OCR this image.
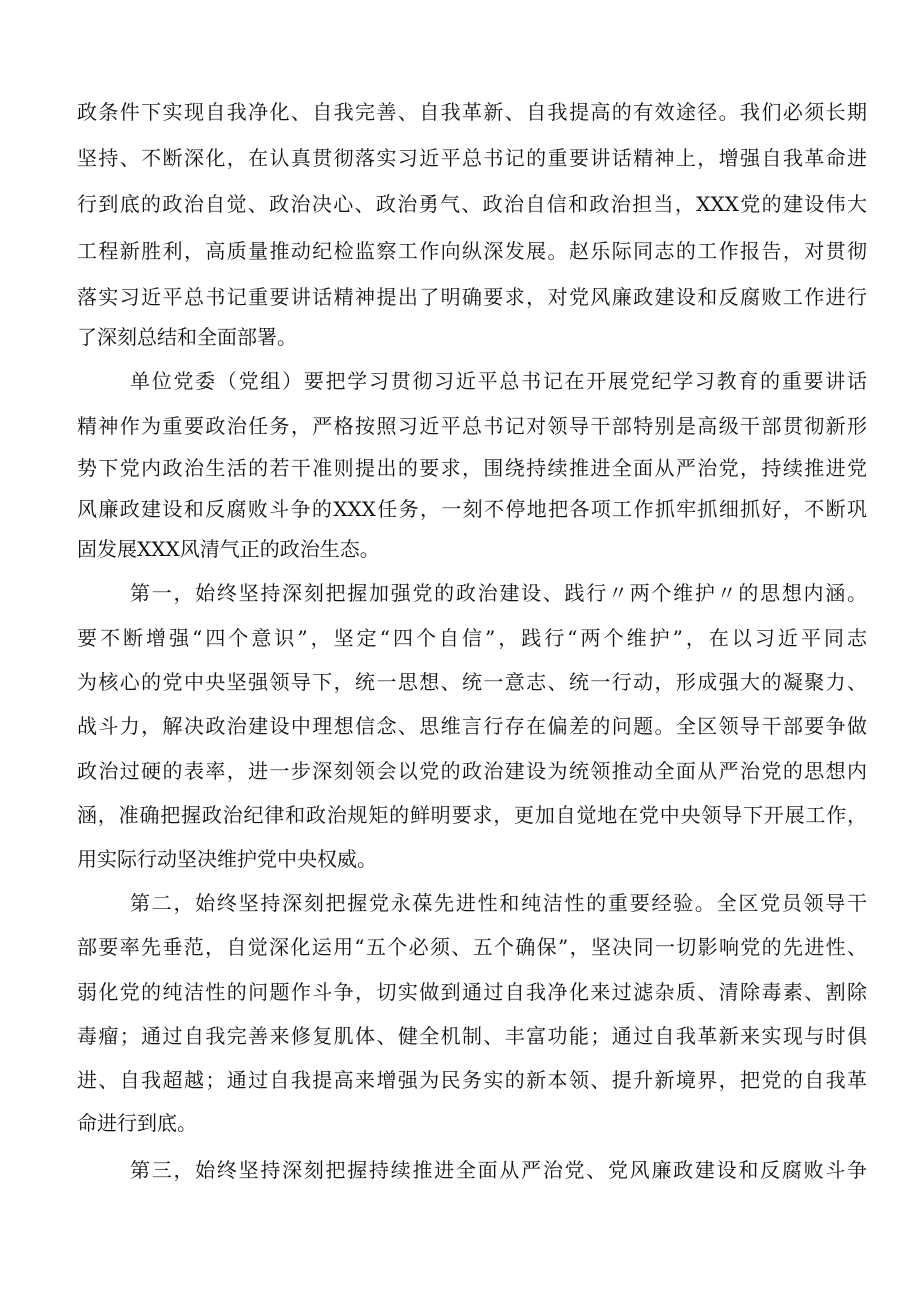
政条件下实现自我净化、自我完善、自我革新、自我提高的有效途径。我们必须长期
坚持、不断深化，在认真贯彻落实习近平总书记的重要讲话精神上，增强自我革命进
行到底的政治自觉、政治决心、政治勇气、政治自信和政治担当，XXX党的建设伟大
工程新胜利，高质量推动纪检监察工作向纵深发展。赵乐际同志的工作报告，对贯彻
落实习近平总书记重要讲话精神提出了明确要求，对党风廉政建设和反腐败工作进行
了深刻总结和全面部署。
单位党委（党组）要把学习贯彻习近平总书记在开展党纪学习教育的重要讲话
精神作为重要政治任务，严格按照习近平总书记对领导干部特别是高级干部贯彻新形
势下党内政治生活的若干准则提出的要求，围绕持续推进全面从严治党，持续推进党
风廉政建设和反腐败斗争的XXX任务，一刻不停地把各项工作抓牢抓细抓好，不断巩
固发展XXX风清气正的政治生态。
第一，始终坚持深刻把握加强党的政治建设、践行〃两个维护〃的思想内涵。
要不断增强“四个意识”，坚定“四个自信”，践行“两个维护”，在以习近平同志
为核心的党中央坚强领导下，统一思想、统一意志、统一行动，形成强大的凝聚力、
战斗力，解决政治建设中理想信念、思维言行存在偏差的问题。全区领导干部要争做
政治过硬的表率，进一步深刻领会以党的政治建设为统领推动全面从严治党的思想内
涵，准确把握政治纪律和政治规矩的鲜明要求，更加自觉地在党中央领导下开展工作，
用实际行动坚决维护党中央权威。
第二，始终坚持深刻把握党永葆先进性和纯洁性的重要经验。全区党员领导干
部要率先垂范，自觉深化运用“五个必须、五个确保”，坚决同一切影响党的先进性、
弱化党的纯洁性的问题作斗争，切实做到通过自我净化来过滤杂质、清除毒素、割除
毒瘤；通过自我完善来修复肌体、健全机制、丰富功能；通过自我革新来实现与时俱
进、自我超越；通过自我提高来增强为民务实的新本领、提升新境界，把党的自我革
命进行到底。
第三，始终坚持深刻把握持续推进全面从严治党、党风廉政建设和反腐败斗争
